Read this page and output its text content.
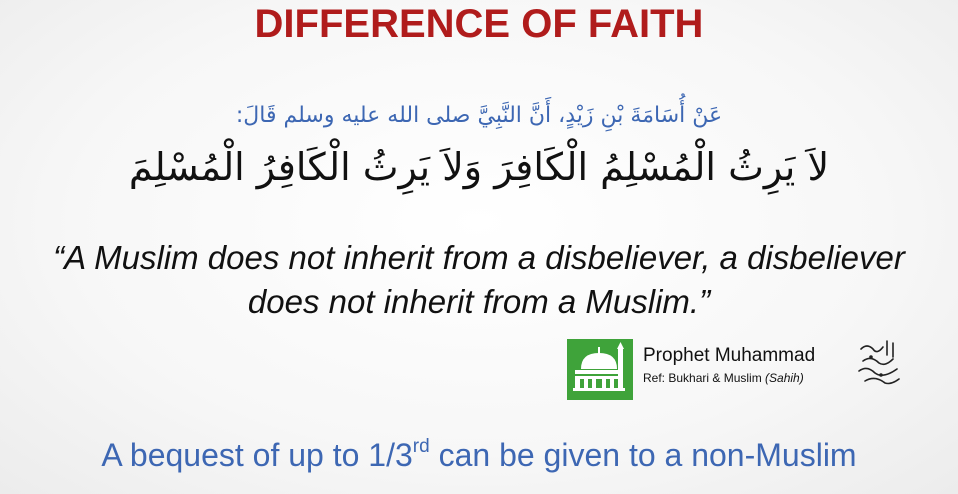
DIFFERENCE OF FAITH
عَنْ أُسَامَةَ بْنِ زَيْدٍ، أَنَّ النَّبِيَّ صلى الله عليه وسلم قَالَ:
لاَ يَرِثُ الْمُسْلِمُ الْكَافِرَ وَلاَ يَرِثُ الْكَافِرُ الْمُسْلِمَ
“A Muslim does not inherit from a disbeliever, a disbeliever
does not inherit from a Muslim.”
Prophet Muhammad
Ref: Bukhari & Muslim (Sahih)
A bequest of up to 1/3rd can be given to a non-Muslim
